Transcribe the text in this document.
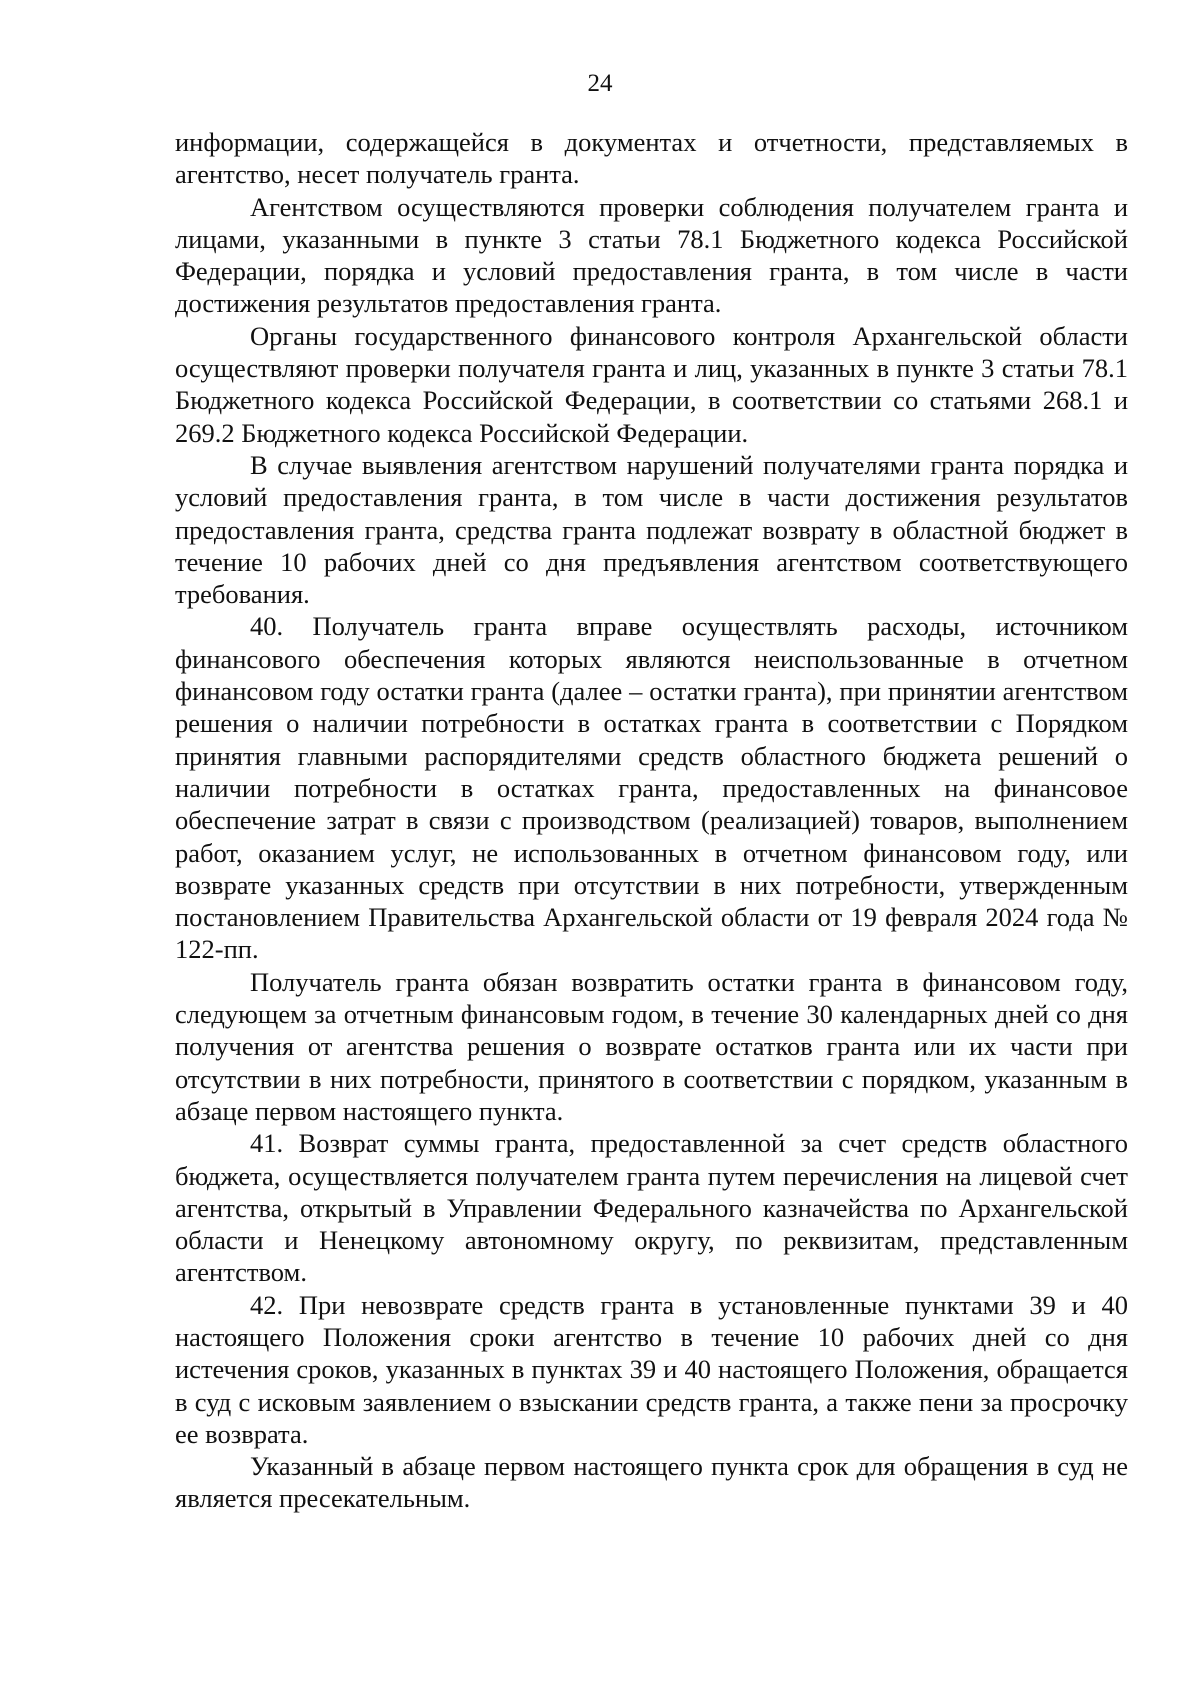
24

информации, содержащейся в документах и отчетности, представляемых в агентство, несет получатель гранта.

Агентством осуществляются проверки соблюдения получателем гранта и лицами, указанными в пункте 3 статьи 78.1 Бюджетного кодекса Российской Федерации, порядка и условий предоставления гранта, в том числе в части достижения результатов предоставления гранта.

Органы государственного финансового контроля Архангельской области осуществляют проверки получателя гранта и лиц, указанных в пункте 3 статьи 78.1 Бюджетного кодекса Российской Федерации, в соответствии со статьями 268.1 и 269.2 Бюджетного кодекса Российской Федерации.

В случае выявления агентством нарушений получателями гранта порядка и условий предоставления гранта, в том числе в части достижения результатов предоставления гранта, средства гранта подлежат возврату в областной бюджет в течение 10 рабочих дней со дня предъявления агентством соответствующего требования.

40. Получатель гранта вправе осуществлять расходы, источником финансового обеспечения которых являются неиспользованные в отчетном финансовом году остатки гранта (далее – остатки гранта), при принятии агентством решения о наличии потребности в остатках гранта в соответствии с Порядком принятия главными распорядителями средств областного бюджета решений о наличии потребности в остатках гранта, предоставленных на финансовое обеспечение затрат в связи с производством (реализацией) товаров, выполнением работ, оказанием услуг, не использованных в отчетном финансовом году, или возврате указанных средств при отсутствии в них потребности, утвержденным постановлением Правительства Архангельской области от 19 февраля 2024 года № 122-пп.

Получатель гранта обязан возвратить остатки гранта в финансовом году, следующем за отчетным финансовым годом, в течение 30 календарных дней со дня получения от агентства решения о возврате остатков гранта или их части при отсутствии в них потребности, принятого в соответствии с порядком, указанным в абзаце первом настоящего пункта.

41. Возврат суммы гранта, предоставленной за счет средств областного бюджета, осуществляется получателем гранта путем перечисления на лицевой счет агентства, открытый в Управлении Федерального казначейства по Архангельской области и Ненецкому автономному округу, по реквизитам, представленным агентством.

42. При невозврате средств гранта в установленные пунктами 39 и 40 настоящего Положения сроки агентство в течение 10 рабочих дней со дня истечения сроков, указанных в пунктах 39 и 40 настоящего Положения, обращается в суд с исковым заявлением о взыскании средств гранта, а также пени за просрочку ее возврата.

Указанный в абзаце первом настоящего пункта срок для обращения в суд не является пресекательным.
